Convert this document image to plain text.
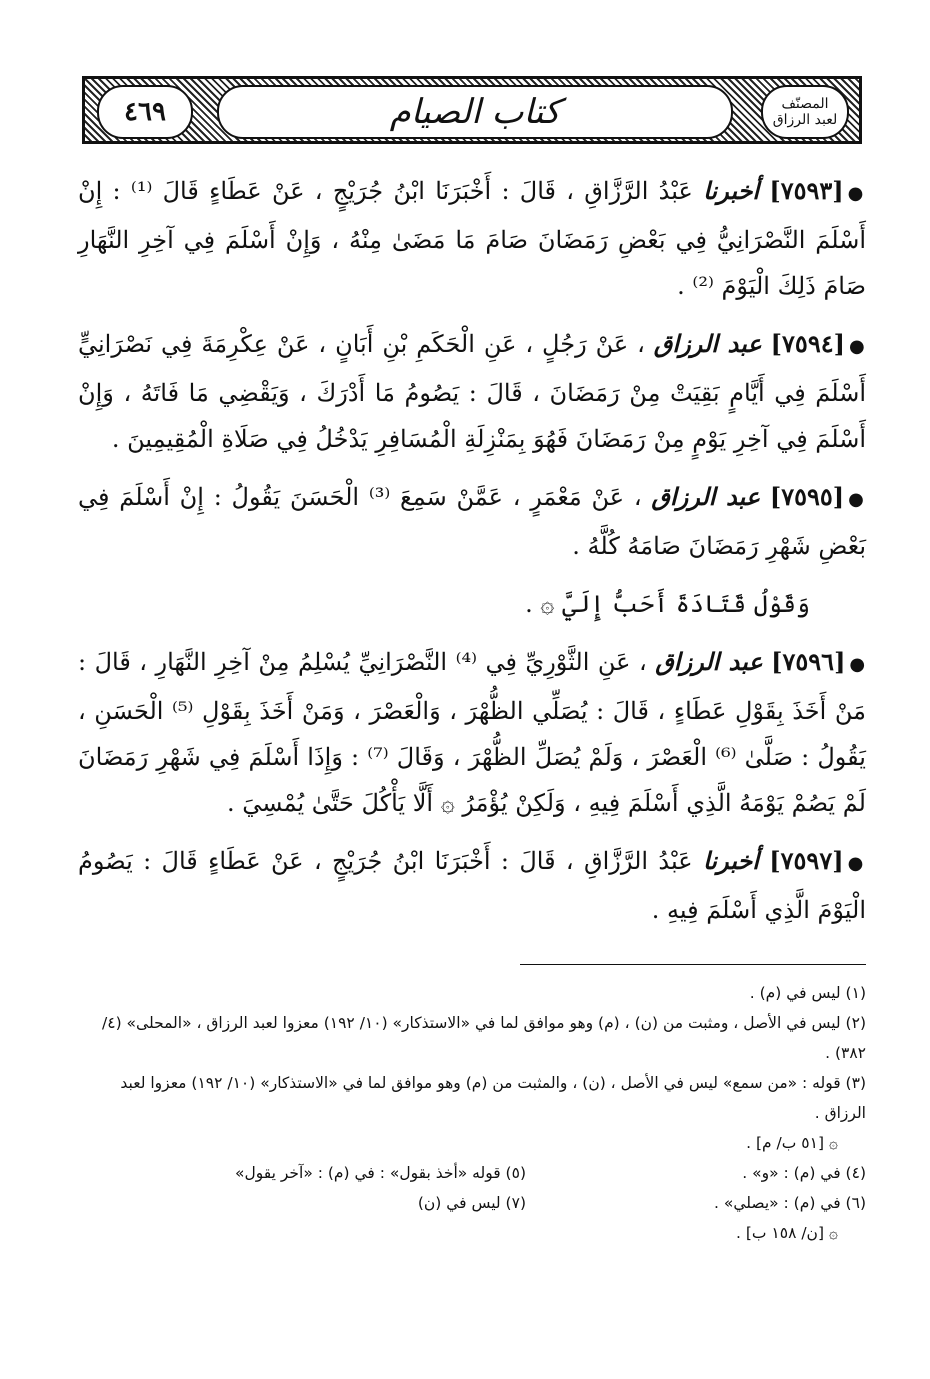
٤٦٩	كتاب الصيام	المصنّف
لعبد الرزاق

●[٧٥٩٣] أخبرنا عَبْدُ الرَّزَّاقِ ، قَالَ : أَخْبَرَنَا ابْنُ جُرَيْجٍ ، عَنْ عَطَاءٍ قَالَ ⁽¹⁾ : إِنْ أَسْلَمَ النَّصْرَانِيُّ فِي بَعْضِ رَمَضَانَ صَامَ مَا مَضَىٰ مِنْهُ ، وَإِنْ أَسْلَمَ فِي آخِرِ النَّهَارِ صَامَ ذَلِكَ الْيَوْمَ ⁽²⁾ .

●[٧٥٩٤] عبد الرزاق ، عَنْ رَجُلٍ ، عَنِ الْحَكَمِ بْنِ أَبَانٍ ، عَنْ عِكْرِمَةَ فِي نَصْرَانِيٍّ أَسْلَمَ فِي أَيَّامٍ بَقِيَتْ مِنْ رَمَضَانَ ، قَالَ : يَصُومُ مَا أَدْرَكَ ، وَيَقْضِي مَا فَاتَهُ ، وَإِنْ أَسْلَمَ فِي آخِرِ يَوْمٍ مِنْ رَمَضَانَ فَهُوَ بِمَنْزِلَةِ الْمُسَافِرِ يَدْخُلُ فِي صَلَاةِ الْمُقِيمِينَ .

●[٧٥٩٥] عبد الرزاق ، عَنْ مَعْمَرٍ ، عَمَّنْ سَمِعَ ⁽³⁾ الْحَسَنَ يَقُولُ : إِنْ أَسْلَمَ فِي بَعْضِ شَهْرِ رَمَضَانَ صَامَهُ كُلَّهُ .

وَقَوْلُ قَتَادَةَ أَحَبُّ إِلَيَّ ۞ .

●[٧٥٩٦] عبد الرزاق ، عَنِ الثَّوْرِيِّ فِي ⁽⁴⁾ النَّصْرَانِيِّ يُسْلِمُ مِنْ آخِرِ النَّهَارِ ، قَالَ : مَنْ أَخَذَ بِقَوْلِ عَطَاءٍ ، قَالَ : يُصَلِّي الظُّهْرَ ، وَالْعَصْرَ ، وَمَنْ أَخَذَ بِقَوْلِ ⁽⁵⁾ الْحَسَنِ ، يَقُولُ : صَلَّىٰ ⁽⁶⁾ الْعَصْرَ ، وَلَمْ يُصَلِّ الظُّهْرَ ، وَقَالَ ⁽⁷⁾ : وَإِذَا أَسْلَمَ فِي شَهْرِ رَمَضَانَ لَمْ يَصُمْ يَوْمَهُ الَّذِي أَسْلَمَ فِيهِ ، وَلَكِنْ يُؤْمَرُ ۞ أَلَّا يَأْكُلَ حَتَّىٰ يُمْسِيَ .

●[٧٥٩٧] أخبرنا عَبْدُ الرَّزَّاقِ ، قَالَ : أَخْبَرَنَا ابْنُ جُرَيْجٍ ، عَنْ عَطَاءٍ قَالَ : يَصُومُ الْيَوْمَ الَّذِي أَسْلَمَ فِيهِ .

(١) ليس في (م) .

(٢) ليس في الأصل ، ومثبت من (ن) ، (م) وهو موافق لما في «الاستذكار» (١٠/ ١٩٢) معزوا لعبد الرزاق ، «المحلى» (٤/ ٣٨٢) .

(٣) قوله : «من سمع» ليس في الأصل ، (ن) ، والمثبت من (م) وهو موافق لما في «الاستذكار» (١٠/ ١٩٢) معزوا لعبد الرزاق .

۞ [٥١ ب/ م] .

(٤) في (م) : «و» .

(٥) قوله «أخذ بقول» : في (م) : «آخر يقول»

(٦) في (م) : «يصلي» .

(٧) ليس في (ن)

۞ [ن/ ١٥٨ ب] .
